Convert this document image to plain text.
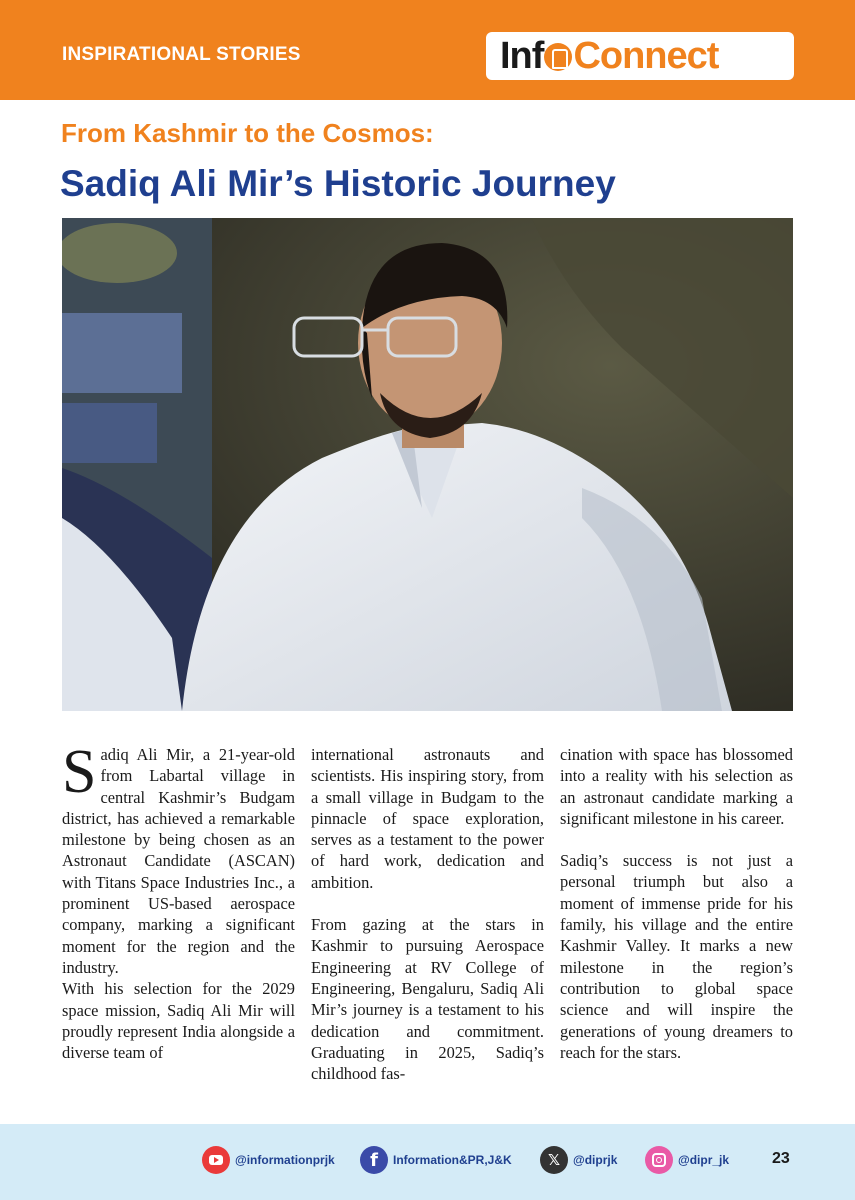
INSPIRATIONAL STORIES	Inf Connect
From Kashmir to the Cosmos:
Sadiq Ali Mir’s Historic Journey

Sadiq Ali Mir, a 21-year-old from Labartal village in central Kashmir’s Budgam district, has achieved a remarkable milestone by being chosen as an Astronaut Candidate (ASCAN) with Titans Space Industries Inc., a prominent US-based aerospace company, marking a significant moment for the region and the industry.

With his selection for the 2029 space mission, Sadiq Ali Mir will proudly represent India alongside a diverse team of

international astronauts and scientists. His inspiring story, from a small village in Budgam to the pinnacle of space exploration, serves as a testament to the power of hard work, dedication and ambition.

From gazing at the stars in Kashmir to pursuing Aerospace Engineering at RV College of Engineering, Bengaluru, Sadiq Ali Mir’s journey is a testament to his dedication and commitment. Graduating in 2025, Sadiq’s childhood fas-

cination with space has blossomed into a reality with his selection as an astronaut candidate marking a significant milestone in his career.

Sadiq’s success is not just a personal triumph but also a moment of immense pride for his family, his village and the entire Kashmir Valley. It marks a new milestone in the region’s contribution to global space science and will inspire the generations of young dreamers to reach for the stars.

@informationprjk	f	Information&PR,J&K	𝕏	@diprjk	@dipr_jk	23
